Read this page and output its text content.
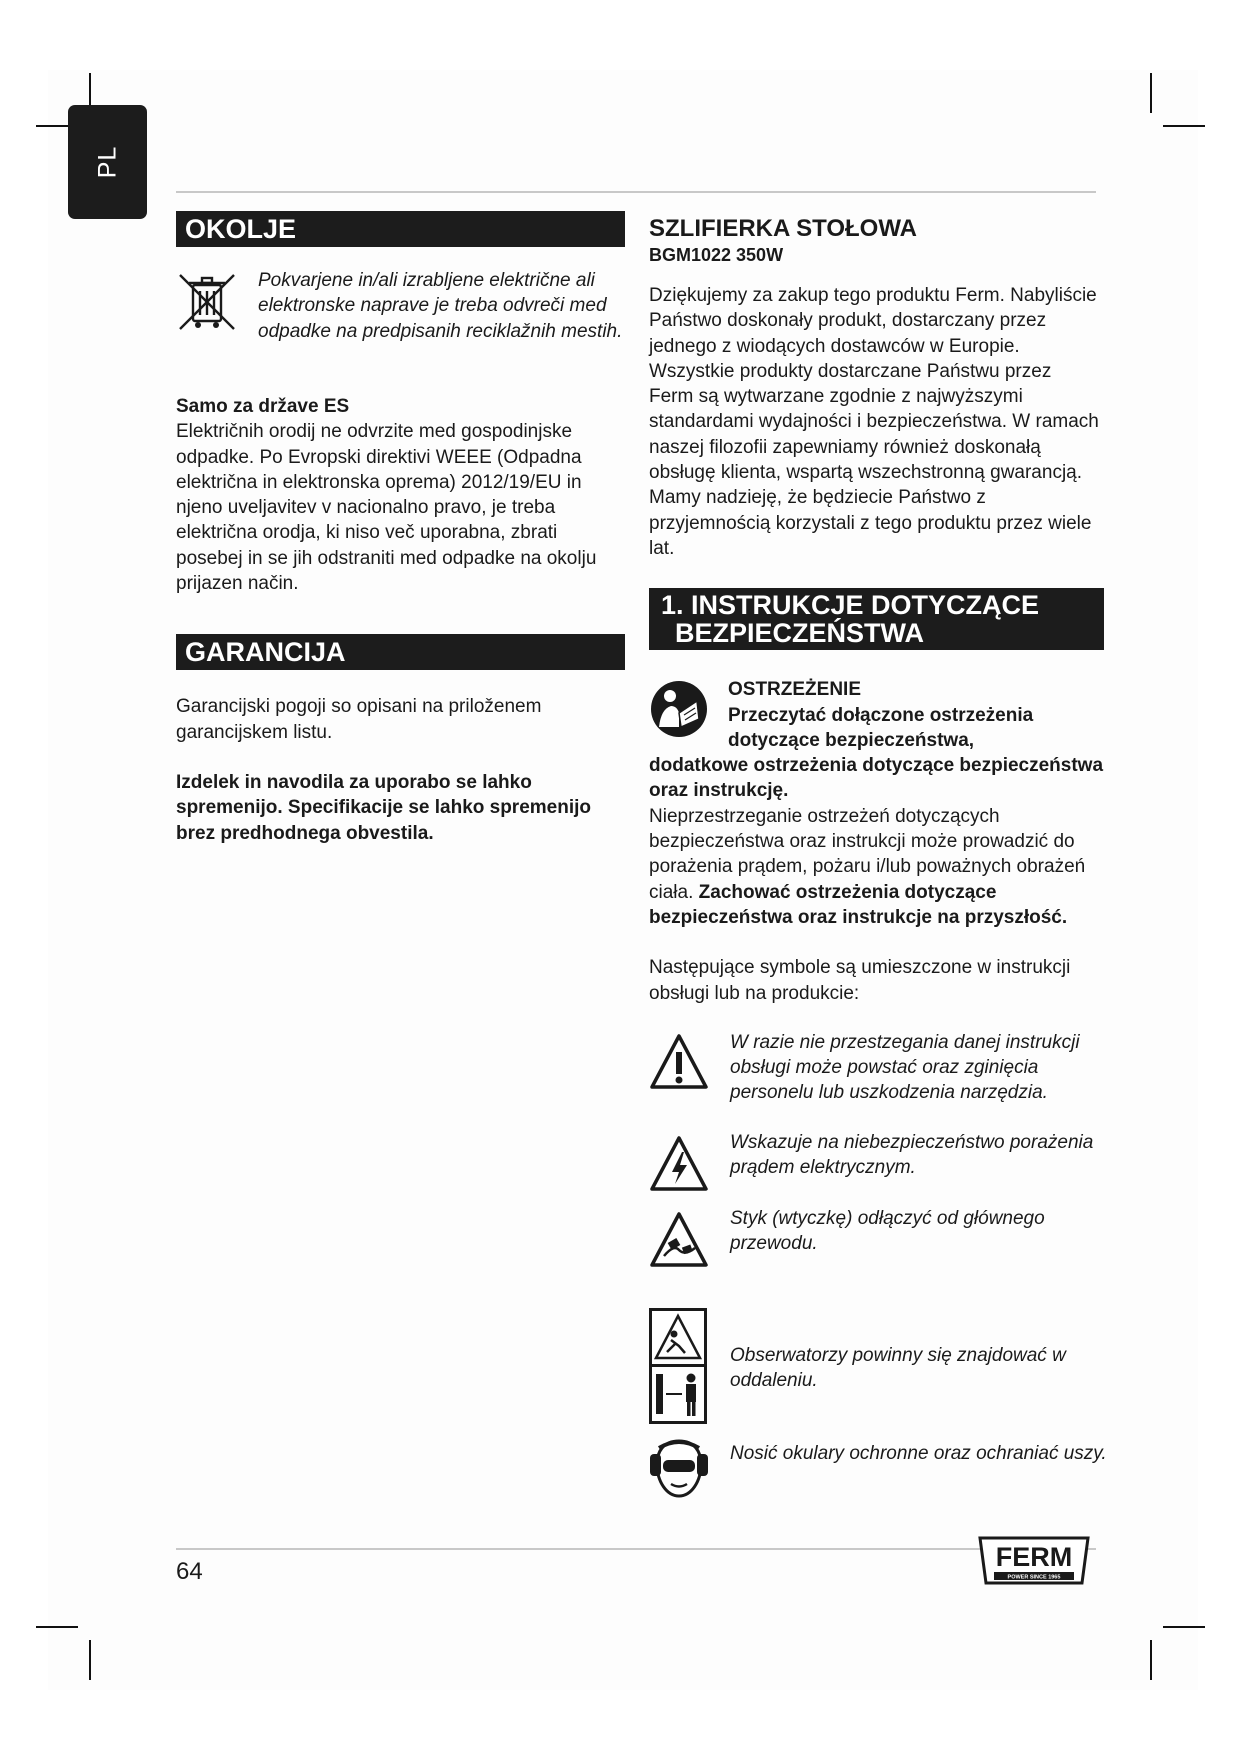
PL
OKOLJE

Pokvarjene in/ali izrabljene električne ali elektronske naprave je treba odvreči med odpadke na predpisanih reciklažnih mestih.

Samo za države ES

Električnih orodij ne odvrzite med gospodinjske odpadke. Po Evropski direktivi WEEE (Odpadna električna in elektronska oprema) 2012/19/EU in njeno uveljavitev v nacionalno pravo, je treba električna orodja, ki niso več uporabna, zbrati posebej in se jih odstraniti med odpadke na okolju prijazen način.

GARANCIJA

Garancijski pogoji so opisani na priloženem garancijskem listu.

Izdelek in navodila za uporabo se lahko spremenijo. Specifikacije se lahko spremenijo brez predhodnega obvestila.

SZLIFIERKA STOŁOWA

BGM1022 350W

Dziękujemy za zakup tego produktu Ferm. Nabyliście Państwo doskonały produkt, dostarczany przez jednego z wiodących dostawców w Europie. Wszystkie produkty dostarczane Państwu przez Ferm są wytwarzane zgodnie z najwyższymi standardami wydajności i bezpieczeństwa. W ramach naszej filozofii zapewniamy również doskonałą obsługę klienta, wspartą wszechstronną gwarancją. Mamy nadzieję, że będziecie Państwo z przyjemnością korzystali z tego produktu przez wiele lat.

1. INSTRUKCJE DOTYCZĄCE
BEZPIECZEŃSTWA

OSTRZEŻENIE

Przeczytać dołączone ostrzeżenia

dotyczące bezpieczeństwa,

dodatkowe ostrzeżenia dotyczące bezpieczeństwa oraz instrukcję.

Nieprzestrzeganie ostrzeżeń dotyczących bezpieczeństwa oraz instrukcji może prowadzić do porażenia prądem, pożaru i/lub poważnych obrażeń ciała. Zachować ostrzeżenia dotyczące bezpieczeństwa oraz instrukcje na przyszłość.

Następujące symbole są umieszczone w instrukcji obsługi lub na produkcie:

W razie nie przestzegania danej instrukcji obsługi może powstać oraz zginięcia personelu lub uszkodzenia narzędzia.

Wskazuje na niebezpieczeństwo porażenia prądem elektrycznym.

Styk (wtyczkę) odłączyć od głównego przewodu.

Obserwatorzy powinny się znajdować w oddaleniu.

Nosić okulary ochronne oraz ochraniać uszy.

64	FERM
POWER SINCE 1965
